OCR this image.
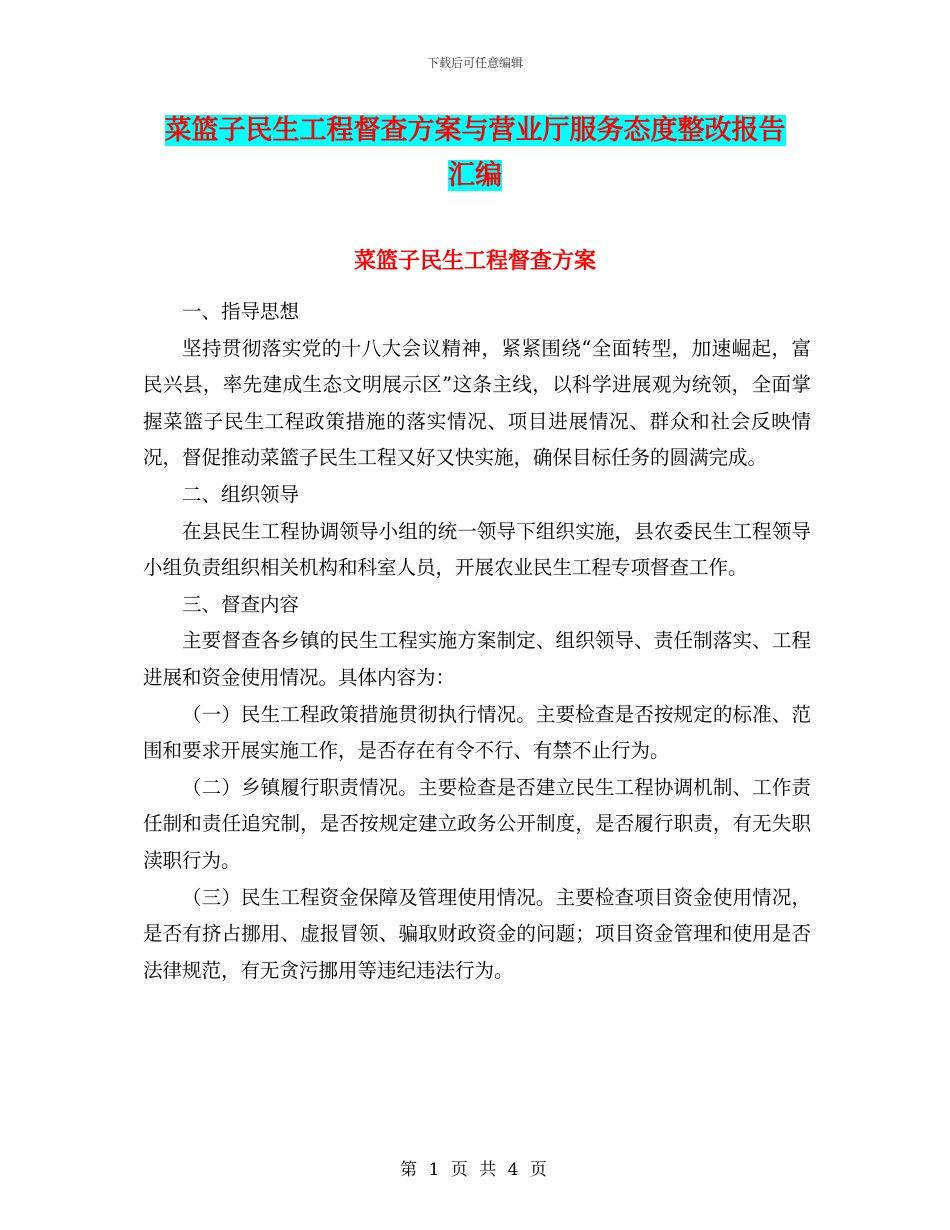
下载后可任意编辑
菜篮子民生工程督查方案与营业厅服务态度整改报告
汇编
菜篮子民生工程督查方案

一、指导思想

坚持贯彻落实党的十八大会议精神，紧紧围绕“全面转型，加速崛起，富民兴县，率先建成生态文明展示区”这条主线，以科学进展观为统领，全面掌握菜篮子民生工程政策措施的落实情况、项目进展情况、群众和社会反映情况，督促推动菜篮子民生工程又好又快实施，确保目标任务的圆满完成。

二、组织领导

在县民生工程协调领导小组的统一领导下组织实施，县农委民生工程领导小组负责组织相关机构和科室人员，开展农业民生工程专项督查工作。

三、督查内容

主要督查各乡镇的民生工程实施方案制定、组织领导、责任制落实、工程进展和资金使用情况。具体内容为：

（一）民生工程政策措施贯彻执行情况。主要检查是否按规定的标准、范围和要求开展实施工作，是否存在有令不行、有禁不止行为。

（二）乡镇履行职责情况。主要检查是否建立民生工程协调机制、工作责任制和责任追究制，是否按规定建立政务公开制度，是否履行职责，有无失职渎职行为。

（三）民生工程资金保障及管理使用情况。主要检查项目资金使用情况，是否有挤占挪用、虚报冒领、骗取财政资金的问题；项目资金管理和使用是否法律规范，有无贪污挪用等违纪违法行为。

第 1 页 共 4 页
